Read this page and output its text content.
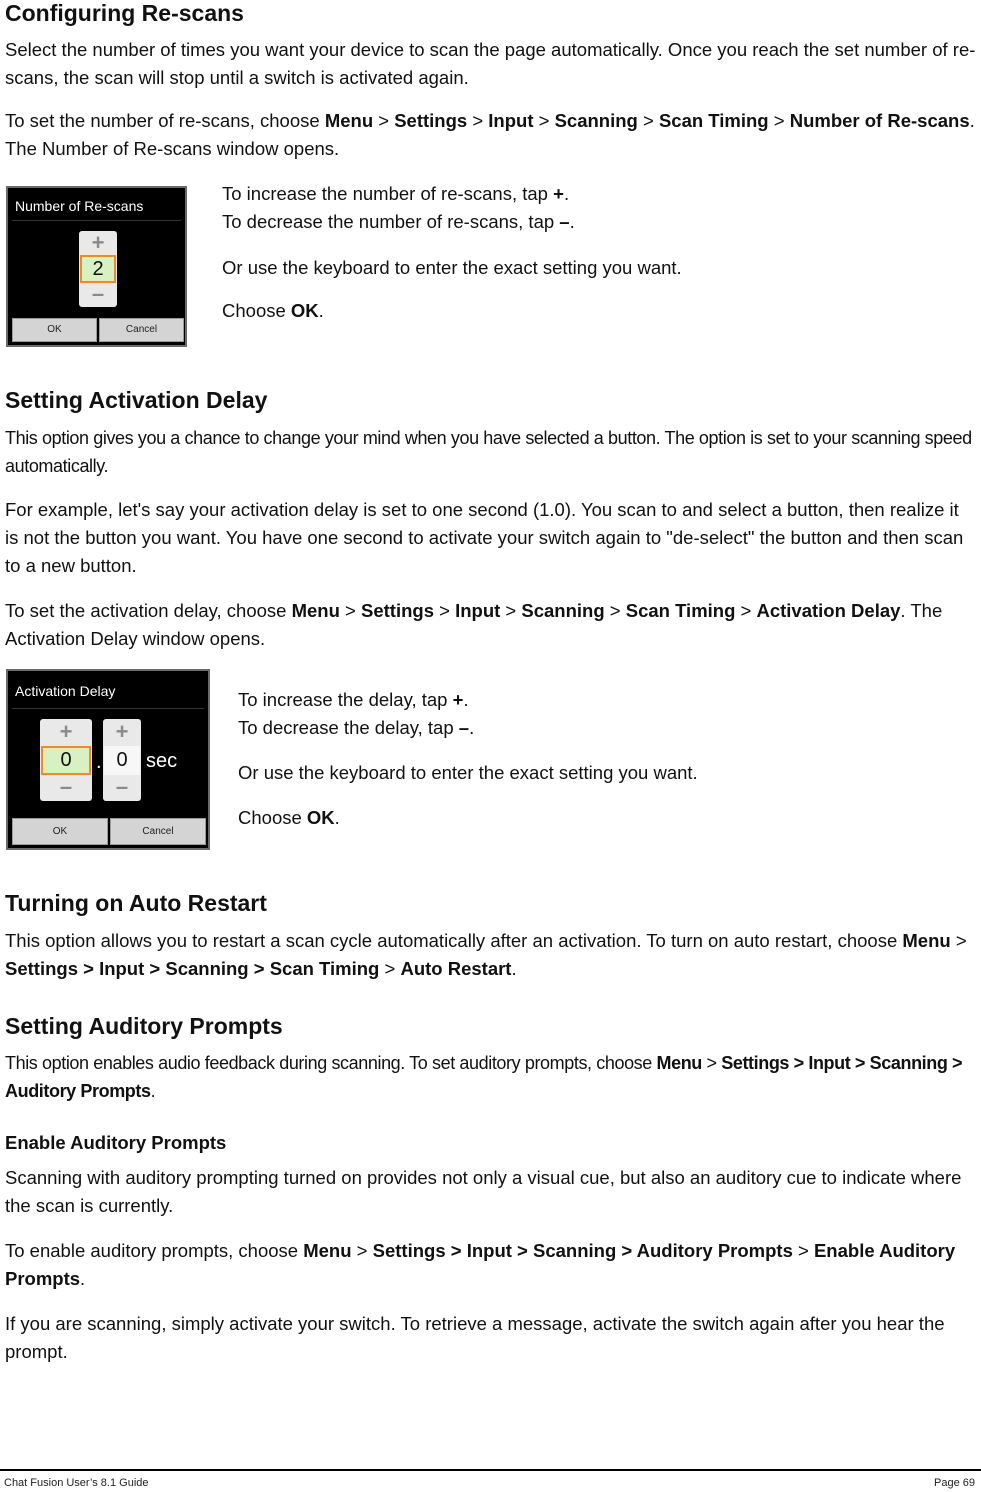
Configuring Re-scans

Select the number of times you want your device to scan the page automatically. Once you reach the set number of re-scans, the scan will stop until a switch is activated again.

To set the number of re-scans, choose Menu > Settings > Input > Scanning > Scan Timing > Number of Re-scans. The Number of Re-scans window opens.

Number of Re-scans
+
2
–
OK	Cancel

To increase the number of re-scans, tap +.

To decrease the number of re-scans, tap –.

Or use the keyboard to enter the exact setting you want.

Choose OK.

Setting Activation Delay

This option gives you a chance to change your mind when you have selected a button. The option is set to your scanning speed automatically.

For example, let's say your activation delay is set to one second (1.0). You scan to and select a button, then realize it is not the button you want. You have one second to activate your switch again to "de-select" the button and then scan to a new button.

To set the activation delay, choose Menu > Settings > Input > Scanning > Scan Timing > Activation Delay. The Activation Delay window opens.

Activation Delay
+
0
–
.
+
0
–
sec
OK	Cancel

To increase the delay, tap +.

To decrease the delay, tap –.

Or use the keyboard to enter the exact setting you want.

Choose OK.

Turning on Auto Restart

This option allows you to restart a scan cycle automatically after an activation. To turn on auto restart, choose Menu > Settings > Input > Scanning > Scan Timing > Auto Restart.

Setting Auditory Prompts

This option enables audio feedback during scanning. To set auditory prompts, choose Menu > Settings > Input > Scanning > Auditory Prompts.

Enable Auditory Prompts

Scanning with auditory prompting turned on provides not only a visual cue, but also an auditory cue to indicate where the scan is currently.

To enable auditory prompts, choose Menu > Settings > Input > Scanning > Auditory Prompts > Enable Auditory Prompts.

If you are scanning, simply activate your switch. To retrieve a message, activate the switch again after you hear the prompt.

Chat Fusion User’s 8.1 Guide	Page 69
